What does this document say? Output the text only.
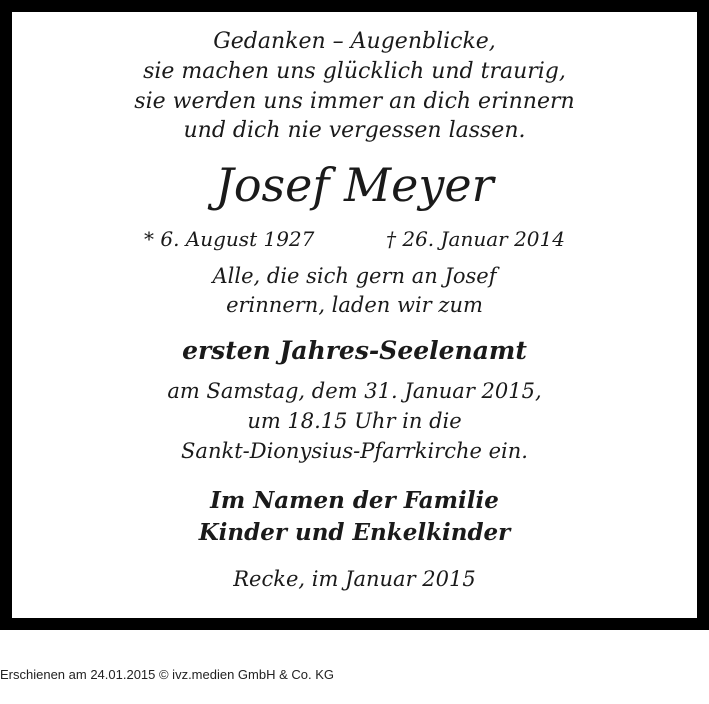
Gedanken – Augenblicke,
sie machen uns glücklich und traurig,
sie werden uns immer an dich erinnern
und dich nie vergessen lassen.
Josef Meyer
* 6. August 1927	† 26. Januar 2014
Alle, die sich gern an Josef
erinnern, laden wir zum
ersten Jahres-Seelenamt
am Samstag, dem 31. Januar 2015,
um 18.15 Uhr in die
Sankt-Dionysius-Pfarrkirche ein.
Im Namen der Familie
Kinder und Enkelkinder
Recke, im Januar 2015
Erschienen am 24.01.2015 © ivz.medien GmbH & Co. KG
